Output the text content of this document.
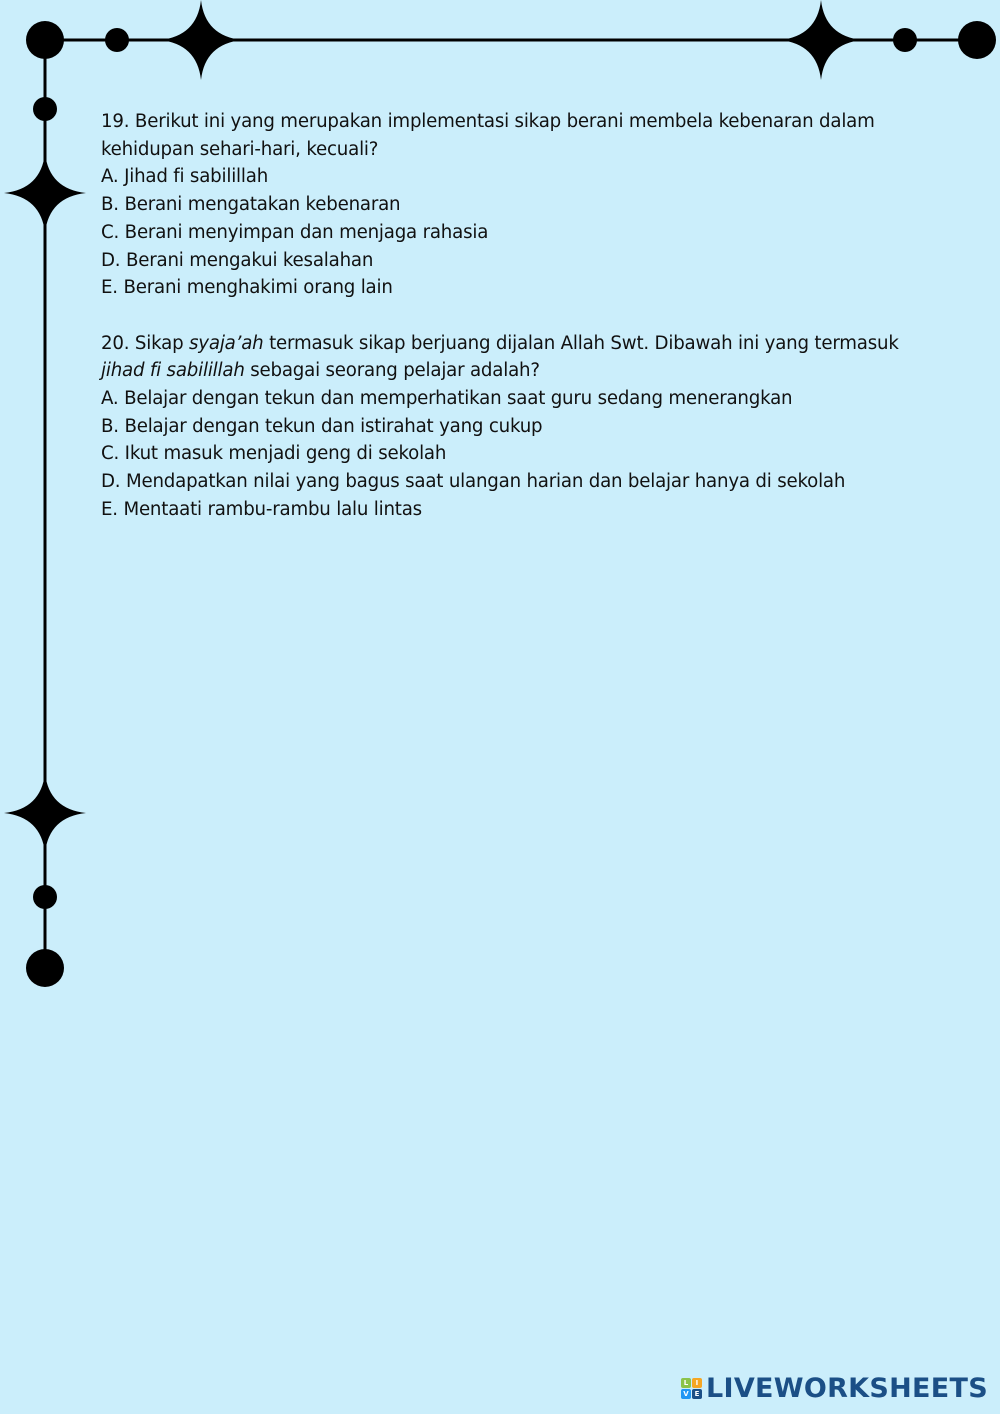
19. Berikut ini yang merupakan implementasi sikap berani membela kebenaran dalam

kehidupan sehari-hari, kecuali?

A. Jihad fi sabilillah

B. Berani mengatakan kebenaran

C. Berani menyimpan dan menjaga rahasia

D. Berani mengakui kesalahan

E. Berani menghakimi orang lain

20. Sikap syaja’ah termasuk sikap berjuang dijalan Allah Swt. Dibawah ini yang termasuk

jihad fi sabilillah sebagai seorang pelajar adalah?

A. Belajar dengan tekun dan memperhatikan saat guru sedang menerangkan

B. Belajar dengan tekun dan istirahat yang cukup

C. Ikut masuk menjadi geng di sekolah

D. Mendapatkan nilai yang bagus saat ulangan harian dan belajar hanya di sekolah

E. Mentaati rambu-rambu lalu lintas

L	I
V E LIVEWORKSHEETS
